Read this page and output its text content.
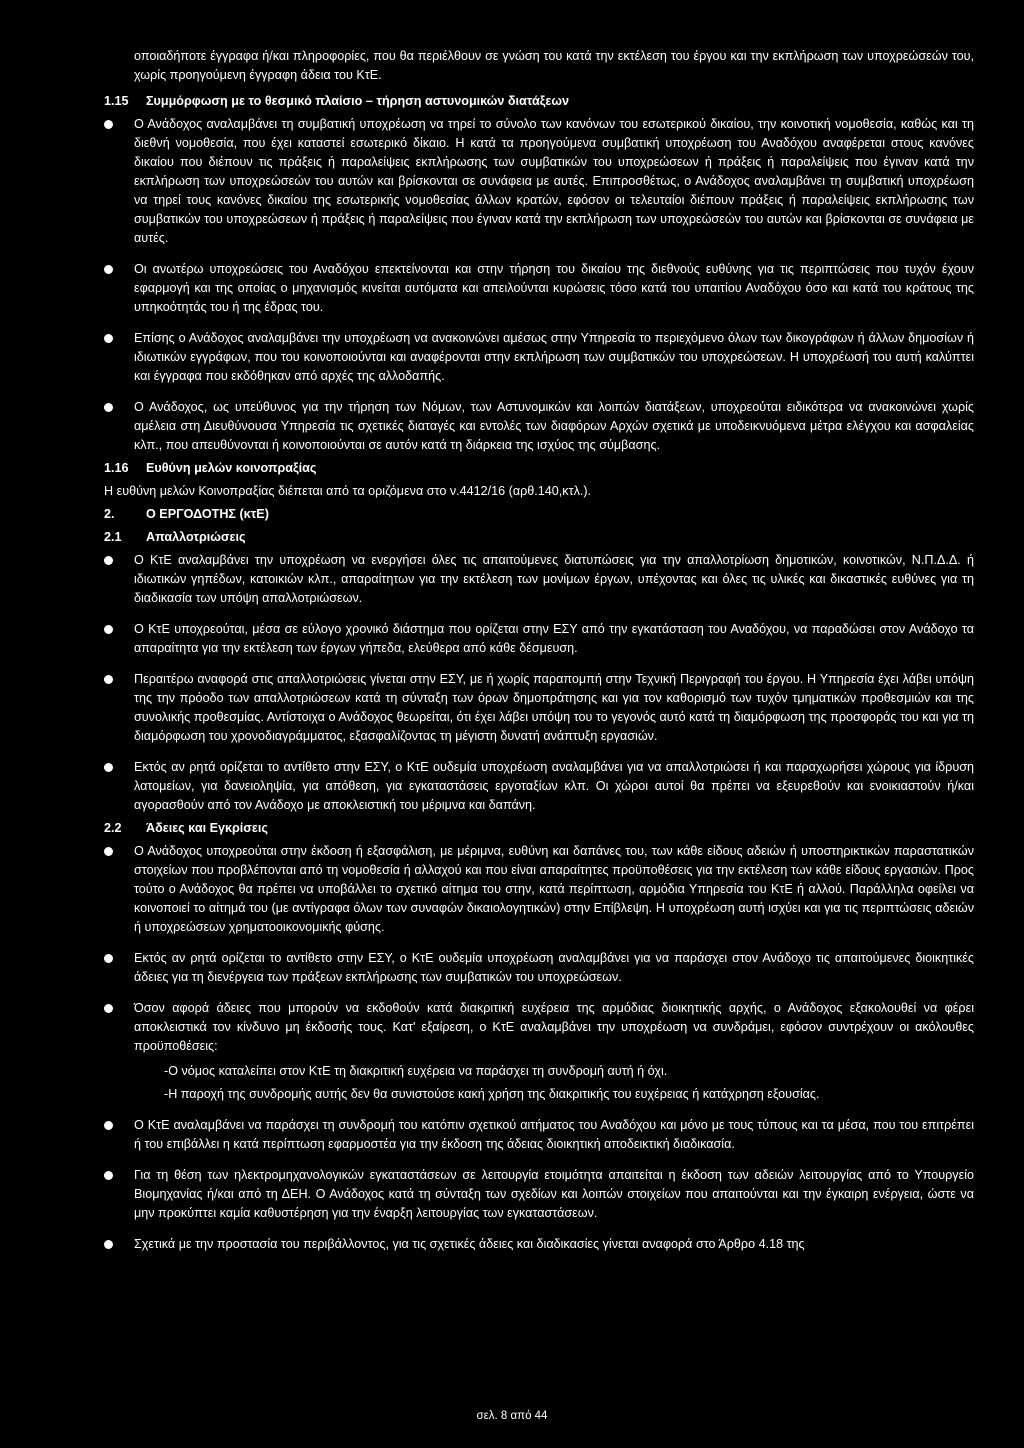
οποιαδήποτε έγγραφα ή/και πληροφορίες, που θα περιέλθουν σε γνώση του κατά την εκτέλεση του έργου και την εκπλήρωση των υποχρεώσεών του, χωρίς προηγούμενη έγγραφη άδεια του ΚτΕ.

1.15	Συμμόρφωση με το θεσμικό πλαίσιο – τήρηση αστυνομικών διατάξεων

Ο Ανάδοχος αναλαμβάνει τη συμβατική υποχρέωση να τηρεί το σύνολο των κανόνων του εσωτερικού δικαίου, την κοινοτική νομοθεσία, καθώς και τη διεθνή νομοθεσία, που έχει καταστεί εσωτερικό δίκαιο. Η κατά τα προηγούμενα συμβατική υποχρέωση του Αναδόχου αναφέρεται στους κανόνες δικαίου που διέπουν τις πράξεις ή παραλείψεις εκπλήρωσης των συμβατικών του υποχρεώσεων ή πράξεις ή παραλείψεις που έγιναν κατά την εκπλήρωση των υποχρεώσεών του αυτών και βρίσκονται σε συνάφεια με αυτές. Επιπροσθέτως, ο Ανάδοχος αναλαμβάνει τη συμβατική υποχρέωση να τηρεί τους κανόνες δικαίου της εσωτερικής νομοθεσίας άλλων κρατών, εφόσον οι τελευταίοι διέπουν πράξεις ή παραλείψεις εκπλήρωσης των συμβατικών του υποχρεώσεων ή πράξεις ή παραλείψεις που έγιναν κατά την εκπλήρωση των υποχρεώσεών του αυτών και βρίσκονται σε συνάφεια με αυτές.

Οι ανωτέρω υποχρεώσεις του Αναδόχου επεκτείνονται και στην τήρηση του δικαίου της διεθνούς ευθύνης για τις περιπτώσεις που τυχόν έχουν εφαρμογή και της οποίας ο μηχανισμός κινείται αυτόματα και απειλούνται κυρώσεις τόσο κατά του υπαιτίου Αναδόχου όσο και κατά του κράτους της υπηκοότητάς του ή της έδρας του.

Επίσης ο Ανάδοχος αναλαμβάνει την υποχρέωση να ανακοινώνει αμέσως στην Υπηρεσία το περιεχόμενο όλων των δικογράφων ή άλλων δημοσίων ή ιδιωτικών εγγράφων, που του κοινοποιούνται και αναφέρονται στην εκπλήρωση των συμβατικών του υποχρεώσεων. Η υποχρέωσή του αυτή καλύπτει και έγγραφα που εκδόθηκαν από αρχές της αλλοδαπής.

Ο Ανάδοχος, ως υπεύθυνος για την τήρηση των Νόμων, των Αστυνομικών και λοιπών διατάξεων, υποχρεούται ειδικότερα να ανακοινώνει χωρίς αμέλεια στη Διευθύνουσα Υπηρεσία τις σχετικές διαταγές και εντολές των διαφόρων Αρχών σχετικά με υποδεικνυόμενα μέτρα ελέγχου και ασφαλείας κλπ., που απευθύνονται ή κοινοποιούνται σε αυτόν κατά τη διάρκεια της ισχύος της σύμβασης.

1.16	Ευθύνη μελών κοινοπραξίας

Η ευθύνη μελών Κοινοπραξίας διέπεται από τα οριζόμενα στο ν.4412/16 (αρθ.140,κτλ.).

2.	Ο ΕΡΓΟΔΟΤΗΣ (κτΕ)
2.1	Απαλλοτριώσεις

Ο ΚτΕ αναλαμβάνει την υποχρέωση να ενεργήσει όλες τις απαιτούμενες διατυπώσεις για την απαλλοτρίωση δημοτικών, κοινοτικών, Ν.Π.Δ.Δ. ή ιδιωτικών γηπέδων, κατοικιών κλπ., απαραίτητων για την εκτέλεση των μονίμων έργων, υπέχοντας και όλες τις υλικές και δικαστικές ευθύνες για τη διαδικασία των υπόψη απαλλοτριώσεων.

Ο ΚτΕ υποχρεούται, μέσα σε εύλογο χρονικό διάστημα που ορίζεται στην ΕΣΥ από την εγκατάσταση του Αναδόχου, να παραδώσει στον Ανάδοχο τα απαραίτητα για την εκτέλεση των έργων γήπεδα, ελεύθερα από κάθε δέσμευση.

Περαιτέρω αναφορά στις απαλλοτριώσεις γίνεται στην ΕΣΥ, με ή χωρίς παραπομπή στην Τεχνική Περιγραφή του έργου. Η Υπηρεσία έχει λάβει υπόψη της την πρόοδο των απαλλοτριώσεων κατά τη σύνταξη των όρων δημοπράτησης και για τον καθορισμό των τυχόν τμηματικών προθεσμιών και της συνολικής προθεσμίας. Αντίστοιχα ο Ανάδοχος θεωρείται, ότι έχει λάβει υπόψη του το γεγονός αυτό κατά τη διαμόρφωση της προσφοράς του και για τη διαμόρφωση του χρονοδιαγράμματος, εξασφαλίζοντας τη μέγιστη δυνατή ανάπτυξη εργασιών.

Εκτός αν ρητά ορίζεται το αντίθετο στην ΕΣΥ, ο ΚτΕ ουδεμία υποχρέωση αναλαμβάνει για να απαλλοτριώσει ή και παραχωρήσει χώρους για ίδρυση λατομείων, για δανειοληψία, για απόθεση, για εγκαταστάσεις εργοταξίων κλπ. Οι χώροι αυτοί θα πρέπει να εξευρεθούν και ενοικιαστούν ή/και αγορασθούν από τον Ανάδοχο με αποκλειστική του μέριμνα και δαπάνη.

2.2	Άδειες και Εγκρίσεις

Ο Ανάδοχος υποχρεούται στην έκδοση ή εξασφάλιση, με μέριμνα, ευθύνη και δαπάνες του, των κάθε είδους αδειών ή υποστηρικτικών παραστατικών στοιχείων που προβλέπονται από τη νομοθεσία ή αλλαχού και που είναι απαραίτητες προϋποθέσεις για την εκτέλεση των κάθε είδους εργασιών. Προς τούτο ο Ανάδοχος θα πρέπει να υποβάλλει το σχετικό αίτημα του στην, κατά περίπτωση, αρμόδια Υπηρεσία του ΚτΕ ή αλλού. Παράλληλα οφείλει να κοινοποιεί το αίτημά του (με αντίγραφα όλων των συναφών δικαιολογητικών) στην Επίβλεψη. Η υποχρέωση αυτή ισχύει και για τις περιπτώσεις αδειών ή υποχρεώσεων χρηματοοικονομικής φύσης.

Εκτός αν ρητά ορίζεται το αντίθετο στην ΕΣΥ, ο ΚτΕ ουδεμία υποχρέωση αναλαμβάνει για να παράσχει στον Ανάδοχο τις απαιτούμενες διοικητικές άδειες για τη διενέργεια των πράξεων εκπλήρωσης των συμβατικών του υποχρεώσεων.

Όσον αφορά άδειες που μπορούν να εκδοθούν κατά διακριτική ευχέρεια της αρμόδιας διοικητικής αρχής, ο Ανάδοχος εξακολουθεί να φέρει αποκλειστικά τον κίνδυνο μη έκδοσής τους. Κατ' εξαίρεση, ο ΚτΕ αναλαμβάνει την υποχρέωση να συνδράμει, εφόσον συντρέχουν οι ακόλουθες προϋποθέσεις:

-Ο νόμος καταλείπει στον ΚτΕ τη διακριτική ευχέρεια να παράσχει τη συνδρομή αυτή ή όχι.

-Η παροχή της συνδρομής αυτής δεν θα συνιστούσε κακή χρήση της διακριτικής του ευχέρειας ή κατάχρηση εξουσίας.

Ο ΚτΕ αναλαμβάνει να παράσχει τη συνδρομή του κατόπιν σχετικού αιτήματος του Αναδόχου και μόνο με τους τύπους και τα μέσα, που του επιτρέπει ή του επιβάλλει η κατά περίπτωση εφαρμοστέα για την έκδοση της άδειας διοικητική αποδεικτική διαδικασία.

Για τη θέση των ηλεκτρομηχανολογικών εγκαταστάσεων σε λειτουργία ετοιμότητα απαιτείται η έκδοση των αδειών λειτουργίας από το Υπουργείο Βιομηχανίας ή/και από τη ΔΕΗ. Ο Ανάδοχος κατά τη σύνταξη των σχεδίων και λοιπών στοιχείων που απαιτούνται και την έγκαιρη ενέργεια, ώστε να μην προκύπτει καμία καθυστέρηση για την έναρξη λειτουργίας των εγκαταστάσεων.

Σχετικά με την προστασία του περιβάλλοντος, για τις σχετικές άδειες και διαδικασίες γίνεται αναφορά στο Άρθρο 4.18 της

σελ. 8 από 44
